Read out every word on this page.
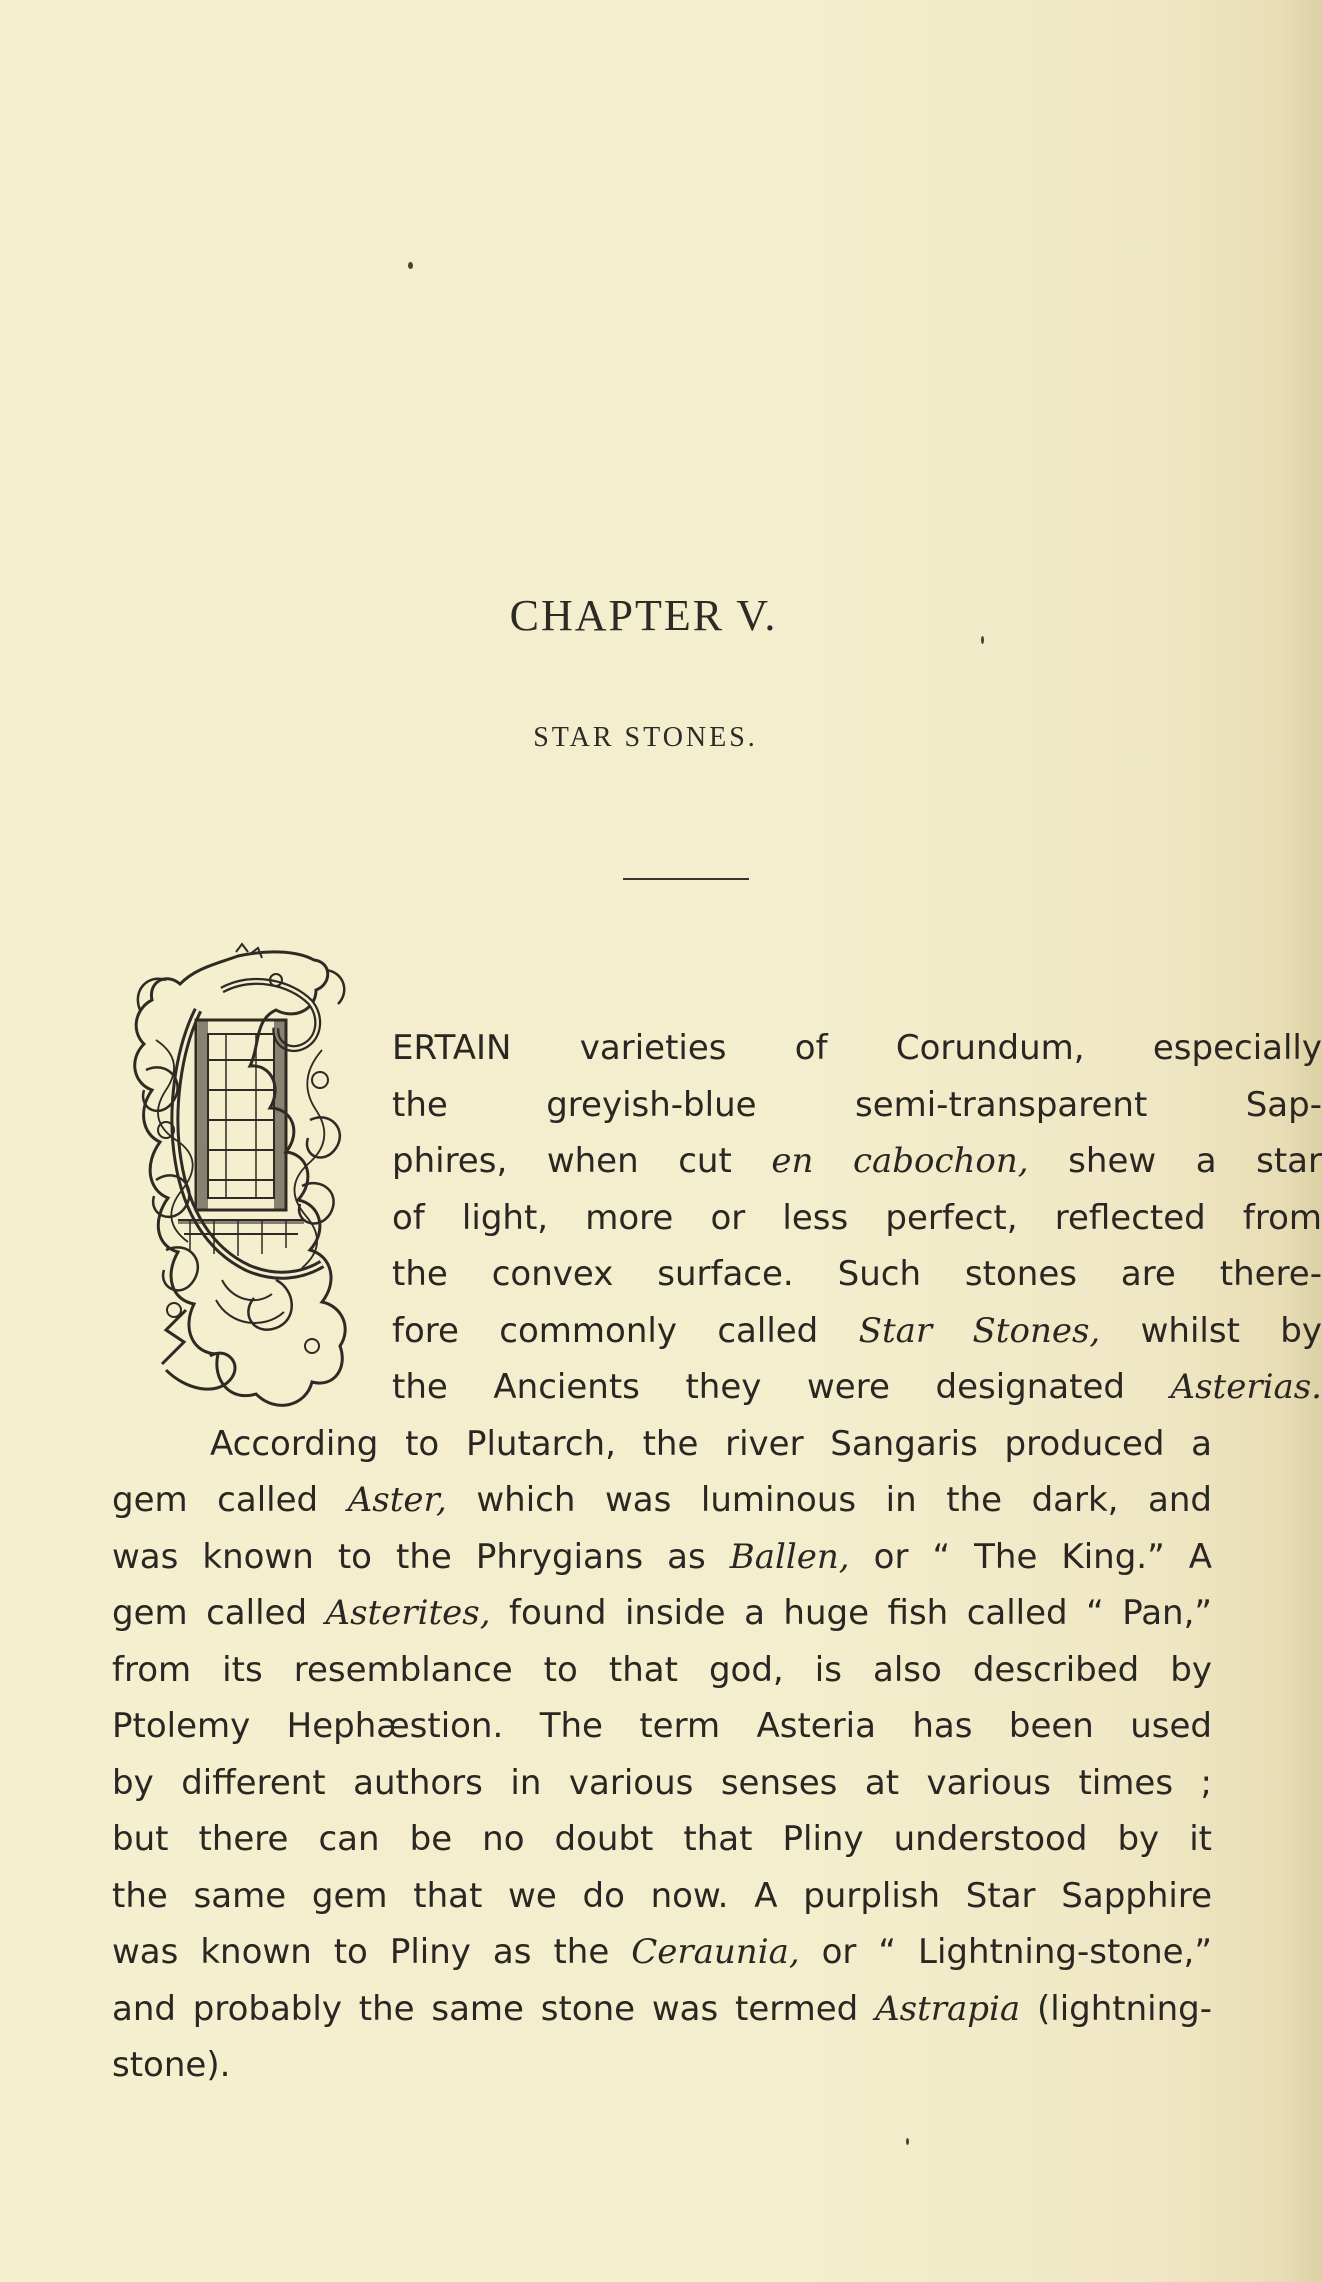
CHAPTER V.
STAR STONES.
ERTAIN varieties of Corundum, especially
the greyish-blue semi-transparent Sap-
phires, when cut en cabochon, shew a star
of light, more or less perfect, reflected from
the convex surface. Such stones are there-
fore commonly called Star Stones, whilst by
the Ancients they were designated Asterias.
According to Plutarch, the river Sangaris produced a
gem called Aster, which was luminous in the dark, and
was known to the Phrygians as Ballen, or “ The King.” A
gem called Asterites, found inside a huge fish called “ Pan,”
from its resemblance to that god, is also described by
Ptolemy Hephæstion. The term Asteria has been used
by different authors in various senses at various times ;
but there can be no doubt that Pliny understood by it
the same gem that we do now. A purplish Star Sapphire
was known to Pliny as the Ceraunia, or “ Lightning-stone,”
and probably the same stone was termed Astrapia (lightning-
stone).
